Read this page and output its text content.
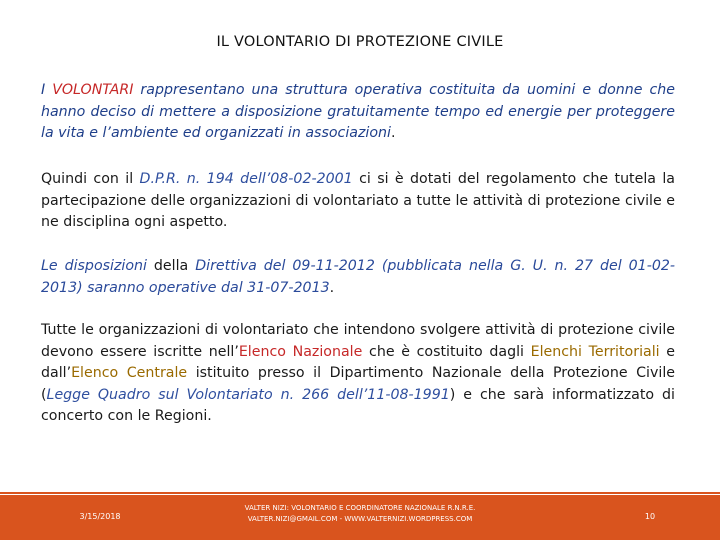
IL VOLONTARIO DI PROTEZIONE CIVILE
I VOLONTARI rappresentano una struttura operativa costituita da uomini e donne che hanno deciso di mettere a disposizione gratuitamente tempo ed energie per proteggere la vita e l’ambiente ed organizzati in associazioni.
Quindi con il D.P.R. n. 194 dell’08-02-2001 ci si è dotati del regolamento che tutela la partecipazione delle organizzazioni di volontariato a tutte le attività di protezione civile e ne disciplina ogni aspetto.
Le disposizioni della Direttiva del 09-11-2012 (pubblicata nella G. U. n. 27 del 01-02-2013) saranno operative dal 31-07-2013.
Tutte le organizzazioni di volontariato che intendono svolgere attività di protezione civile devono essere iscritte nell’Elenco Nazionale che è costituito dagli Elenchi Territoriali e dall’Elenco Centrale istituito presso il Dipartimento Nazionale della Protezione Civile (Legge Quadro sul Volontariato n. 266 dell’11-08-1991) e che sarà informatizzato di concerto con le Regioni.
3/15/2018
VALTER NIZI: VOLONTARIO E COORDINATORE NAZIONALE R.N.R.E.
VALTER.NIZI@GMAIL.COM - WWW.VALTERNIZI.WORDPRESS.COM	10
